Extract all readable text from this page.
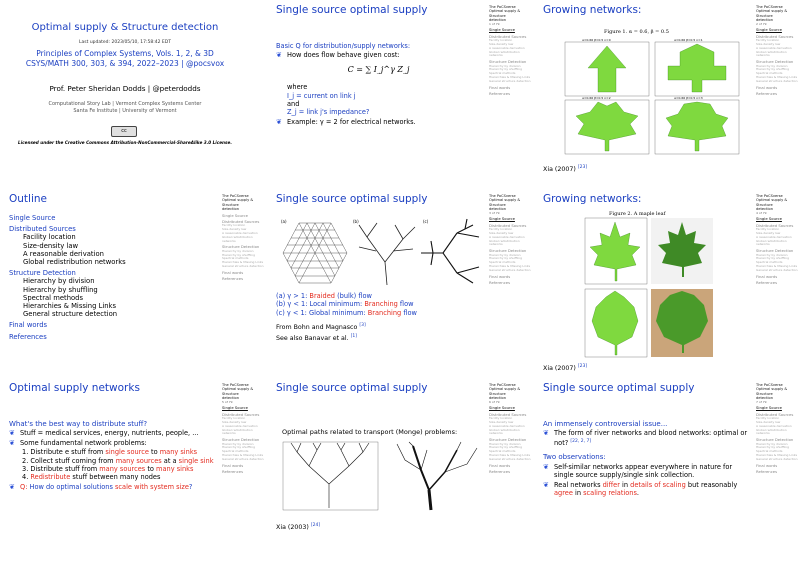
Optimal supply & Structure detection
Last updated: 2023/05/10, 17:58:42 EDT
Principles of Complex Systems, Vols. 1, 2, & 3D
CSYS/MATH 300, 303, & 394, 2022–2023 | @pocsvox
Prof. Peter Sheridan Dodds | @peterdodds
Computational Story Lab | Vermont Complex Systems Center
Santa Fe Institute | University of Vermont
cc
Licensed under the Creative Commons Attribution-NonCommercial-ShareAlike 3.0 License.
Single source optimal supply	The PoCSverse
Optimal supply &
Structure
detection
1 of 79
Single Source
Distributed Sources
Facility location
Size-density law
A reasonable derivation
Global redistribution networks
Structure Detection
Hierarchy by division
Hierarchy by shuffling
Spectral methods
Hierarchies & Missing Links
General structure detection
Final words
References
Basic Q for distribution/supply networks:
❦ How does flow behave given cost:
C = ∑ I_j^γ Z_j
where
I_j = current on link j
and
Z_j = link j's impedance?
❦ Example: γ = 2 for electrical networks.
Growing networks:	The PoCSverse
Optimal supply &
Structure
detection
2 of 79
Single Source
Distributed Sources
Facility location
Size-density law
A reasonable derivation
Global redistribution networks
Structure Detection
Hierarchy by division
Hierarchy by shuffling
Spectral methods
Hierarchies & Missing Links
General structure detection
Final words
References
Figure 1. α = 0.6, β = 0.5
α=0.66 β=0.5 n=0	α=0.66 β=0.5 n=1
α=0.66 β=0.5 n=2	α=0.66 β=0.5 n=3
Xia (2007) [23]
Outline	The PoCSverse
Optimal supply &
Structure
detection
Single Source
Distributed Sources
Facility location
Size-density law
A reasonable derivation
Global redistribution networks
Structure Detection
Hierarchy by division
Hierarchy by shuffling
Spectral methods
Hierarchies & Missing Links
General structure detection
Final words
References
Single Source
Distributed Sources
Facility location
Size-density law
A reasonable derivation
Global redistribution networks
Structure Detection
Hierarchy by division
Hierarchy by shuffling
Spectral methods
Hierarchies & Missing Links
General structure detection
Final words
References
Single source optimal supply	The PoCSverse
Optimal supply &
Structure
detection
3 of 79
Single Source
Distributed Sources
Facility location
Size-density law
A reasonable derivation
Global redistribution networks
Structure Detection
Hierarchy by division
Hierarchy by shuffling
Spectral methods
Hierarchies & Missing Links
General structure detection
Final words
References
(a)	(b)	(c)
(a) γ > 1: Braided (bulk) flow
(b) γ < 1: Local minimum: Branching flow
(c) γ < 1: Global minimum: Branching flow
From Bohn and Magnasco [3]
See also Banavar et al. [1]
Growing networks:	The PoCSverse
Optimal supply &
Structure
detection
4 of 79
Single Source
Distributed Sources
Facility location
Size-density law
A reasonable derivation
Global redistribution networks
Structure Detection
Hierarchy by division
Hierarchy by shuffling
Spectral methods
Hierarchies & Missing Links
General structure detection
Final words
References
Figure 2. A maple leaf
Xia (2007) [23]
Optimal supply networks	The PoCSverse
Optimal supply &
Structure
detection
5 of 79
Single Source
Distributed Sources
Facility location
Size-density law
A reasonable derivation
Global redistribution networks
Structure Detection
Hierarchy by division
Hierarchy by shuffling
Spectral methods
Hierarchies & Missing Links
General structure detection
Final words
References
What's the best way to distribute stuff?
❦ Stuff = medical services, energy, nutrients, people, ...
❦ Some fundamental network problems:
1. Distribute e stuff from single source to many sinks
2. Collect stuff coming from many sources at a single sink
3. Distribute stuff from many sources to many sinks
4. Redistribute stuff between many nodes
❦ Q: How do optimal solutions scale with system size?
Single source optimal supply	The PoCSverse
Optimal supply &
Structure
detection
6 of 79
Single Source
Distributed Sources
Facility location
Size-density law
A reasonable derivation
Global redistribution networks
Structure Detection
Hierarchy by division
Hierarchy by shuffling
Spectral methods
Hierarchies & Missing Links
General structure detection
Final words
References
Optimal paths related to transport (Monge) problems:
Xia (2003) [24]
Single source optimal supply	The PoCSverse
Optimal supply &
Structure
detection
7 of 79
Single Source
Distributed Sources
Facility location
Size-density law
A reasonable derivation
Global redistribution networks
Structure Detection
Hierarchy by division
Hierarchy by shuffling
Spectral methods
Hierarchies & Missing Links
General structure detection
Final words
References
An immensely controversial issue...
❦ The form of river networks and blood networks: optimal or not? [22, 2, 7]
Two observations:
❦ Self-similar networks appear everywhere in nature for single source supply/single sink collection.
❦ Real networks differ in details of scaling but reasonably agree in scaling relations.
